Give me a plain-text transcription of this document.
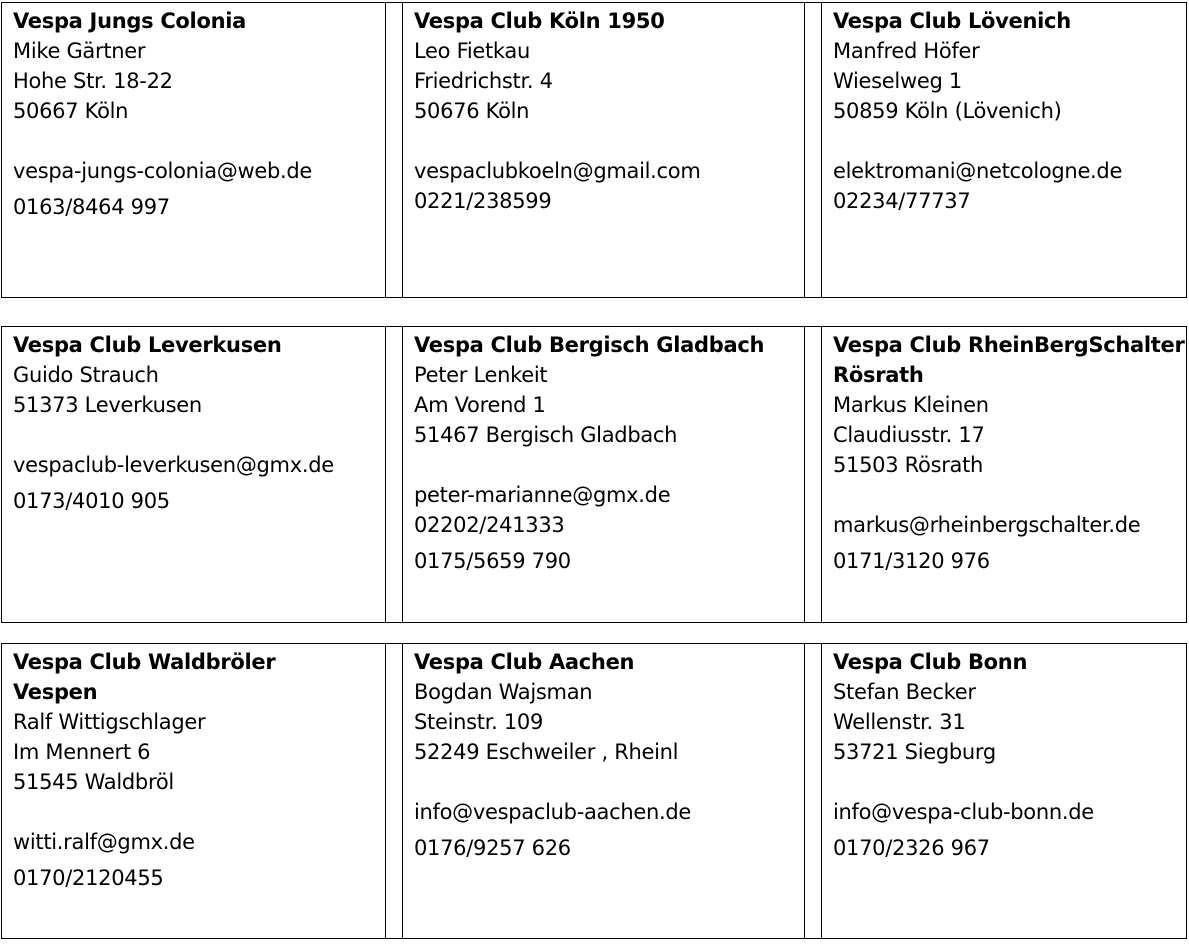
Vespa Jungs Colonia
Mike Gärtner
Hohe Str. 18-22
50667 Köln
vespa-jungs-colonia@web.de
0163/8464 997
Vespa Club Köln 1950
Leo Fietkau
Friedrichstr. 4
50676 Köln
vespaclubkoeln@gmail.com
0221/238599
Vespa Club Lövenich
Manfred Höfer
Wieselweg 1
50859 Köln (Lövenich)
elektromani@netcologne.de
02234/77737
Vespa Club Leverkusen
Guido Strauch
51373 Leverkusen
vespaclub-leverkusen@gmx.de
0173/4010 905
Vespa Club Bergisch Gladbach
Peter Lenkeit
Am Vorend 1
51467 Bergisch Gladbach
peter-marianne@gmx.de
02202/241333
0175/5659 790
Vespa Club RheinBergSchalter
Rösrath
Markus Kleinen
Claudiusstr. 17
51503 Rösrath
markus@rheinbergschalter.de
0171/3120 976
Vespa Club Waldbröler
Vespen
Ralf Wittigschlager
Im Mennert 6
51545 Waldbröl
witti.ralf@gmx.de
0170/2120455
Vespa Club Aachen
Bogdan Wajsman
Steinstr. 109
52249 Eschweiler , Rheinl
info@vespaclub-aachen.de
0176/9257 626
Vespa Club Bonn
Stefan Becker
Wellenstr. 31
53721 Siegburg
info@vespa-club-bonn.de
0170/2326 967
